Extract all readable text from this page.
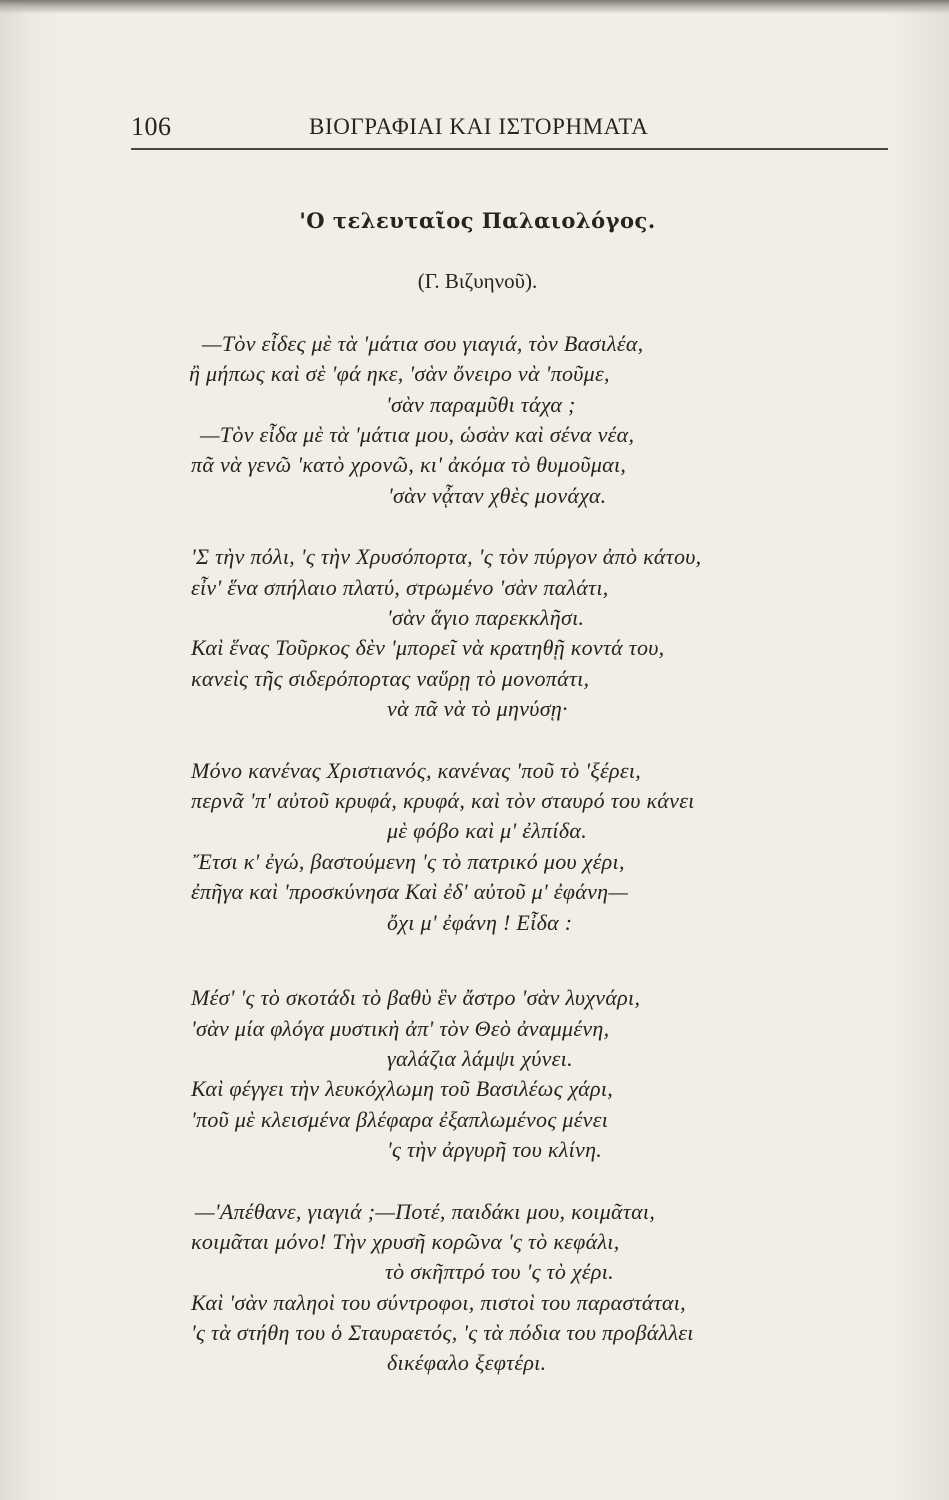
106	ΒΙΟΓΡΑΦΙΑΙ ΚΑΙ ΙΣΤΟΡΗΜΑΤΑ
'Ο τελευταῖος Παλαιολόγος.
(Γ. Βιζυηνοῦ).
—Τὸν εἶδες μὲ τὰ 'μάτια σου γιαγιά, τὸν Βασιλέα,
ἢ μήπως καὶ σὲ 'φά ηκε, 'σὰν ὄνειρο νὰ 'ποῦμε,
'σὰν παραμῦθι τάχα ;
—Τὸν εἶδα μὲ τὰ 'μάτια μου, ὡσὰν καὶ σένα νέα,
πᾶ νὰ γενῶ 'κατὸ χρονῶ, κι' ἀκόμα τὸ θυμοῦμαι,
'σὰν νᾆταν χθὲς μονάχα.
'Σ τὴν πόλι, 'ς τὴν Χρυσόπορτα, 'ς τὸν πύργον ἀπὸ κάτου,
εἶν' ἕνα σπήλαιο πλατύ, στρωμένο 'σὰν παλάτι,
'σὰν ἅγιο παρεκκλῆσι.
Καὶ ἕνας Τοῦρκος δὲν 'μπορεῖ νὰ κρατηθῇ κοντά του,
κανεὶς τῆς σιδερόπορτας ναὕρῃ τὸ μονοπάτι,
νὰ πᾶ νὰ τὸ μηνύσῃ·
Μόνο κανένας Χριστιανός, κανένας 'ποῦ τὸ 'ξέρει,
περνᾶ 'π' αὐτοῦ κρυφά, κρυφά, καὶ τὸν σταυρό του κάνει
μὲ φόβο καὶ μ' ἐλπίδα.
Ἔτσι κ' ἐγώ, βαστούμενη 'ς τὸ πατρικό μου χέρι,
ἐπῆγα καὶ 'προσκύνησα Καὶ ἐδ' αὐτοῦ μ' ἐφάνη—
ὄχι μ' ἐφάνη ! Εἶδα :
Μέσ' 'ς τὸ σκοτάδι τὸ βαθὺ ἓν ἄστρο 'σὰν λυχνάρι,
'σὰν μία φλόγα μυστικὴ ἀπ' τὸν Θεὸ ἀναμμένη,
γαλάζια λάμψι χύνει.
Καὶ φέγγει τὴν λευκόχλωμη τοῦ Βασιλέως χάρι,
'ποῦ μὲ κλεισμένα βλέφαρα ἐξαπλωμένος μένει
'ς τὴν ἀργυρῆ του κλίνη.
—'Απέθανε, γιαγιά ;—Ποτέ, παιδάκι μου, κοιμᾶται,
κοιμᾶται μόνο! Τὴν χρυσῆ κορῶνα 'ς τὸ κεφάλι,
τὸ σκῆπτρό του 'ς τὸ χέρι.
Καὶ 'σὰν παληοὶ του σύντροφοι, πιστοὶ του παραστάται,
'ς τὰ στήθη του ὁ Σταυραετός, 'ς τὰ πόδια του προβάλλει
δικέφαλο ξεφτέρι.
